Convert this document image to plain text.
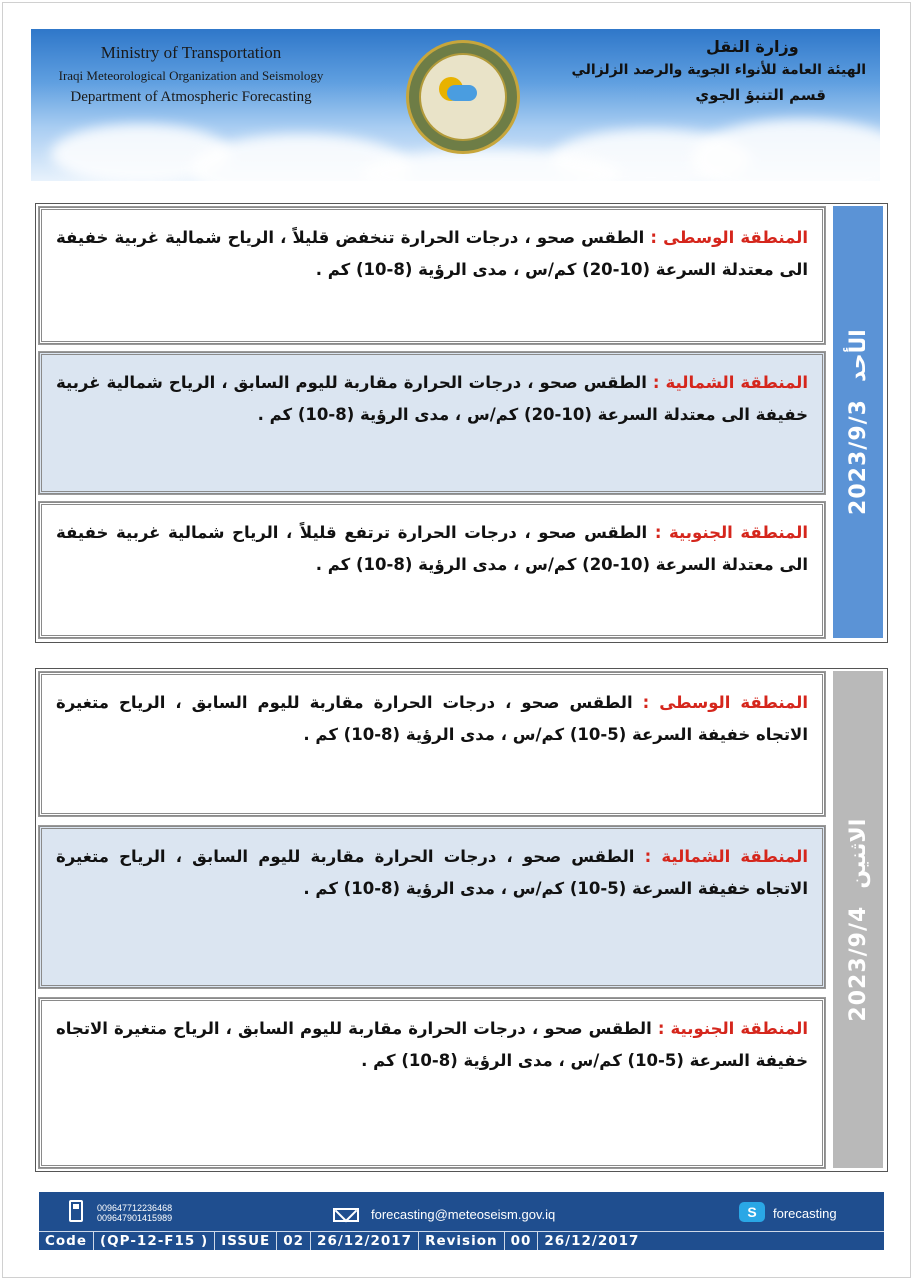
Ministry of Transportation
Iraqi Meteorological Organization and Seismology
Department of Atmospheric Forecasting
وزارة النقل
الهيئة العامة للأنواء الجوية والرصد الزلزالي
قسم التنبؤ الجوي
المنطقة الوسطى : الطقس صحو ، درجات الحرارة تنخفض قليلاً ، الرياح شمالية غربية خفيفة الى معتدلة السرعة (10-20) كم/س ، مدى الرؤية (8-10) كم .
المنطقة الشمالية : الطقس صحو ، درجات الحرارة مقاربة لليوم السابق ، الرياح شمالية غربية خفيفة الى معتدلة السرعة (10-20) كم/س ، مدى الرؤية (8-10) كم .
المنطقة الجنوبية : الطقس صحو ، درجات الحرارة ترتفع قليلاً ، الرياح شمالية غربية خفيفة الى معتدلة السرعة (10-20) كم/س ، مدى الرؤية (8-10) كم .
2023/9/3  الأحد
المنطقة الوسطى : الطقس صحو ، درجات الحرارة مقاربة لليوم السابق ، الرياح متغيرة الاتجاه خفيفة السرعة (5-10) كم/س ، مدى الرؤية (8-10) كم .
المنطقة الشمالية : الطقس صحو ، درجات الحرارة مقاربة لليوم السابق ، الرياح متغيرة الاتجاه خفيفة السرعة (5-10) كم/س ، مدى الرؤية (8-10) كم .
المنطقة الجنوبية : الطقس صحو ، درجات الحرارة مقاربة لليوم السابق ، الرياح متغيرة الاتجاه خفيفة السرعة (5-10) كم/س ، مدى الرؤية (8-10) كم .
2023/9/4  الاثنين
009647712236468
009647901415989	forecasting@meteoseism.gov.iq	S	forecasting
Code (QP-12-F15 ) ISSUE 02 26/12/2017 Revision 00 26/12/2017
